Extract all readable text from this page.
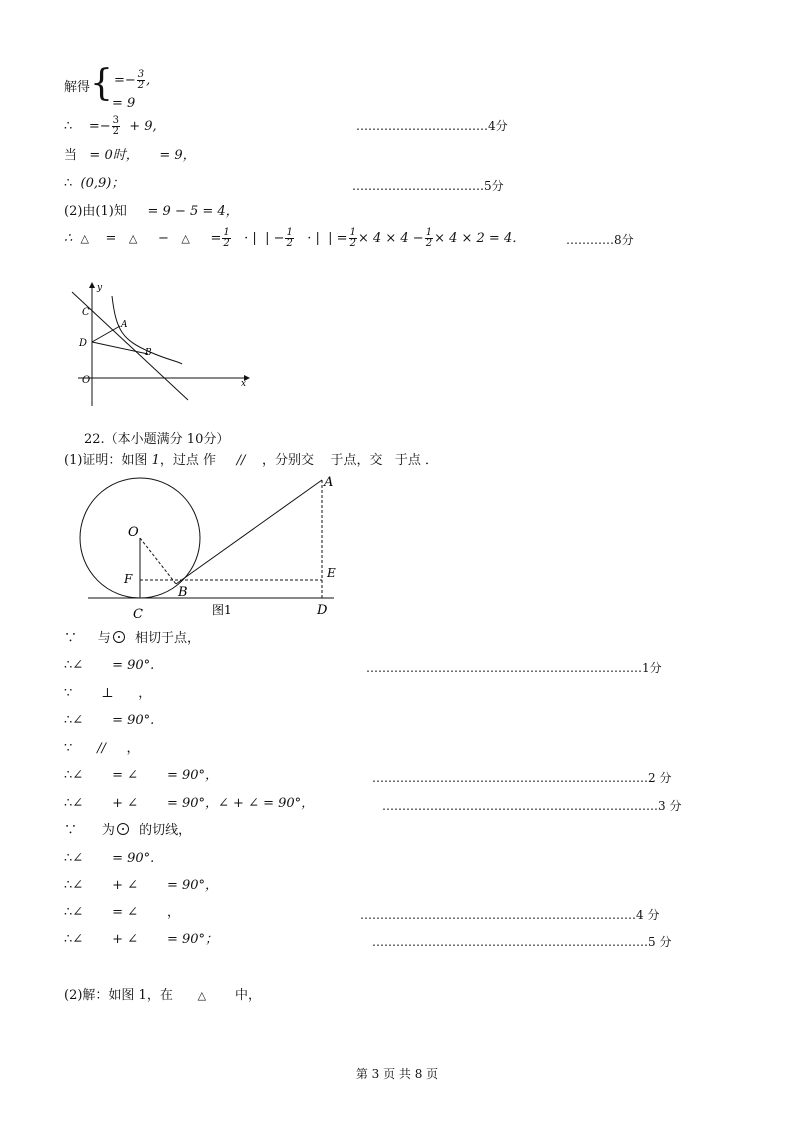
解得 { =− $\frac{3}{2}$ ,
= 9
∴ =− $\frac{3}{2} + 9$,	……………………………4分
当 = 0时， = 9，
∴ (0,9)；	……………………………5分
(2)由(1)知 = 9 − 5 = 4，
∴ △ = △ − △ = $\frac{1}{2}$ · | | − $\frac{1}{2}$ · | | = $\frac{1}{2} \times 4 \times 4 - \frac{1}{2} \times 4 \times 2 = 4$．	…………8分
y
x
C
A
D
B
O
22.（本小题满分 10分）
(1)证明：如图 1，过点 作 // ，分别交 于点，交 于点 ．
O
A
F
B
E
C	D
图1
∵ 与 相切于点，
∴∠ = 90°.	……………………………………………………………1分
∵ ⊥ ，
∴∠ = 90°.
∵ // ，
∴∠ = ∠ = 90°，	……………………………………………………………2 分
∴∠ + ∠ = 90°，∠ + ∠ = 90°，	……………………………………………………………3 分
∵ 为 的切线，
∴∠ = 90°.
∴∠ + ∠ = 90°，
∴∠ = ∠ ，	……………………………………………………………4 分
∴∠ + ∠ = 90°；	……………………………………………………………5 分
(2)解：如图 1，在 △ 中，
第 3 页 共 8 页
